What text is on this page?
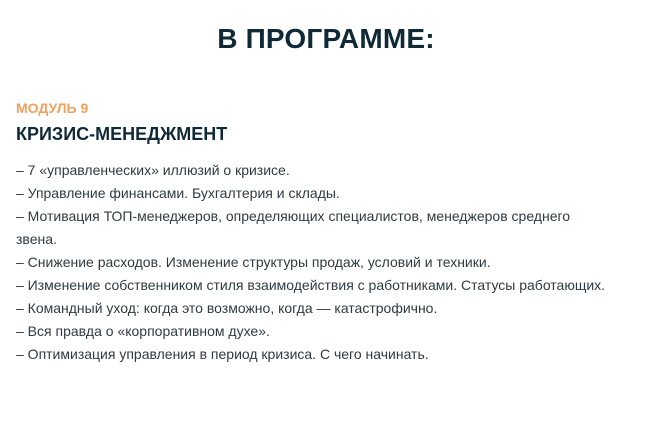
В ПРОГРАММЕ:
МОДУЛЬ 9
КРИЗИС-МЕНЕДЖМЕНТ
– 7 «управленческих» иллюзий о кризисе.
– Управление финансами. Бухгалтерия и склады.
– Мотивация ТОП-менеджеров, определяющих специалистов, менеджеров среднего звена.
– Снижение расходов. Изменение структуры продаж, условий и техники.
– Изменение собственником стиля взаимодействия с работниками. Статусы работающих.
– Командный уход: когда это возможно, когда — катастрофично.
– Вся правда о «корпоративном духе».
– Оптимизация управления в период кризиса. С чего начинать.
